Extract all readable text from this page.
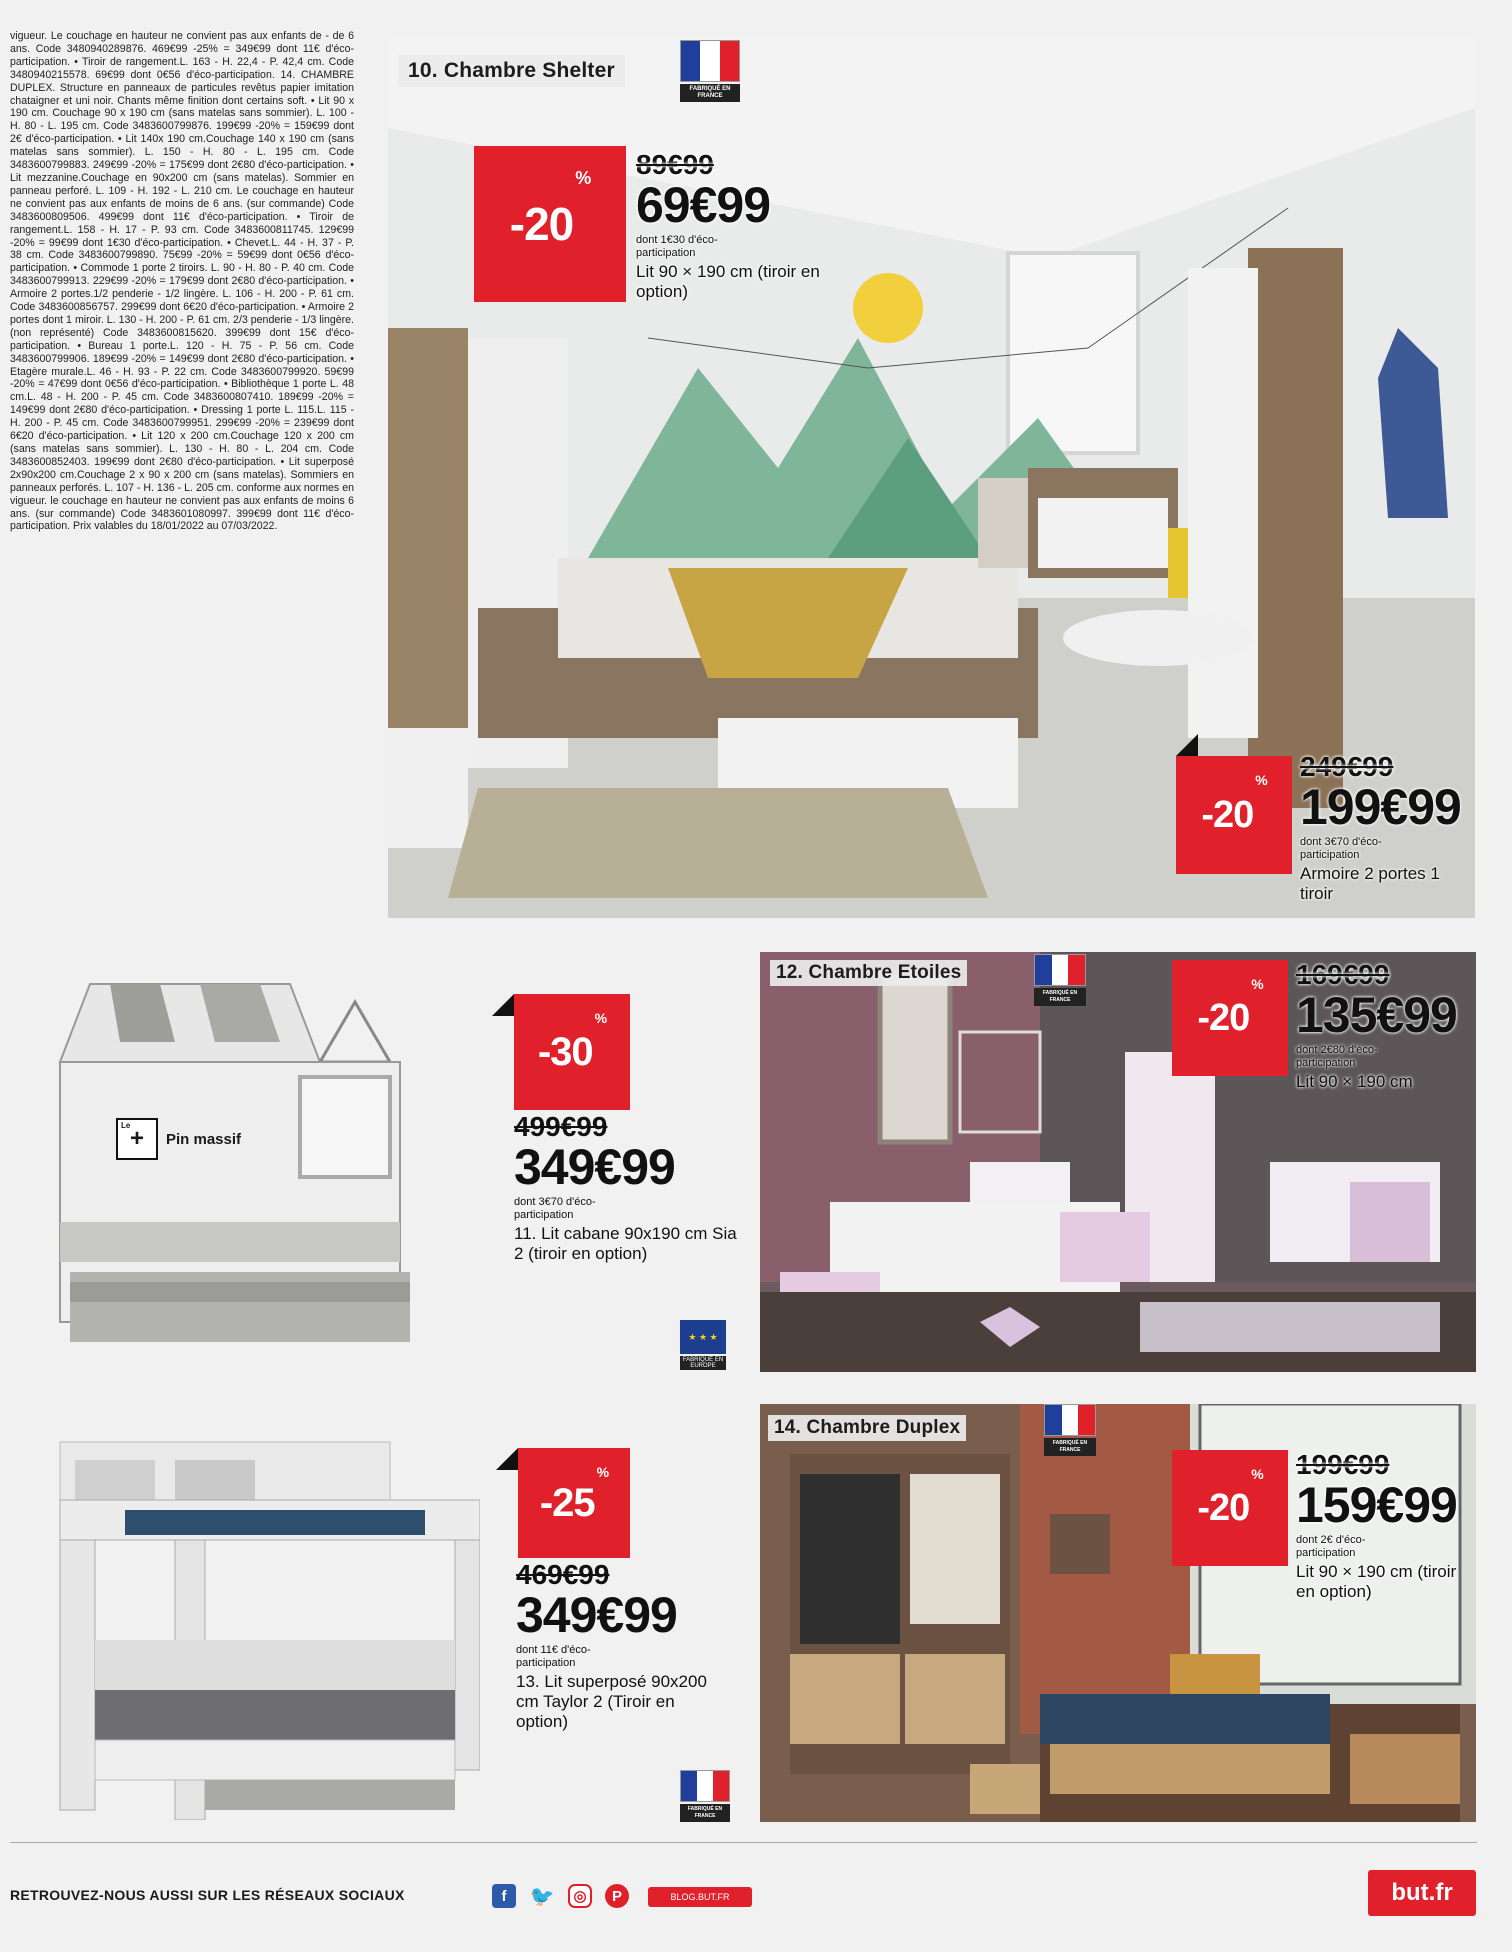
vigueur. Le couchage en hauteur ne convient pas aux enfants de - de 6 ans. Code 3480940289876. 469€99 -25% = 349€99 dont 11€ d'éco-participation. • Tiroir de rangement.L. 163 - H. 22,4 - P. 42,4 cm. Code 3480940215578. 69€99 dont 0€56 d'éco-participation. 14. CHAMBRE DUPLEX. Structure en panneaux de particules revêtus papier imitation chataigner et uni noir. Chants même finition dont certains soft. • Lit 90 x 190 cm. Couchage 90 x 190 cm (sans matelas sans sommier). L. 100 - H. 80 - L. 195 cm. Code 3483600799876. 199€99 -20% = 159€99 dont 2€ d'éco-participation. • Lit 140x 190 cm.Couchage 140 x 190 cm (sans matelas sans sommier). L. 150 - H. 80 - L. 195 cm. Code 3483600799883. 249€99 -20% = 175€99 dont 2€80 d'éco-participation. • Lit mezzanine.Couchage en 90x200 cm (sans matelas). Sommier en panneau perforé. L. 109 - H. 192 - L. 210 cm. Le couchage en hauteur ne convient pas aux enfants de moins de 6 ans. (sur commande) Code 3483600809506. 499€99 dont 11€ d'éco-participation. • Tiroir de rangement.L. 158 - H. 17 - P. 93 cm. Code 3483600811745. 129€99 -20% = 99€99 dont 1€30 d'éco-participation. • Chevet.L. 44 - H. 37 - P. 38 cm. Code 3483600799890. 75€99 -20% = 59€99 dont 0€56 d'éco-participation. • Commode 1 porte 2 tiroirs. L. 90 - H. 80 - P. 40 cm. Code 3483600799913. 229€99 -20% = 179€99 dont 2€80 d'éco-participation. • Armoire 2 portes.1/2 penderie - 1/2 lingère. L. 106 - H. 200 - P. 61 cm. Code 3483600856757. 299€99 dont 6€20 d'éco-participation. • Armoire 2 portes dont 1 miroir. L. 130 - H. 200 - P. 61 cm. 2/3 penderie - 1/3 lingère. (non représenté) Code 3483600815620. 399€99 dont 15€ d'éco-participation. • Bureau 1 porte.L. 120 - H. 75 - P. 56 cm. Code 3483600799906. 189€99 -20% = 149€99 dont 2€80 d'éco-participation. • Etagère murale.L. 46 - H. 93 - P. 22 cm. Code 3483600799920. 59€99 -20% = 47€99 dont 0€56 d'éco-participation. • Bibliothèque 1 porte L. 48 cm.L. 48 - H. 200 - P. 45 cm. Code 3483600807410. 189€99 -20% = 149€99 dont 2€80 d'éco-participation. • Dressing 1 porte L. 115.L. 115 - H. 200 - P. 45 cm. Code 3483600799951. 299€99 -20% = 239€99 dont 6€20 d'éco-participation. • Lit 120 x 200 cm.Couchage 120 x 200 cm (sans matelas sans sommier). L. 130 - H. 80 - L. 204 cm. Code 3483600852403. 199€99 dont 2€80 d'éco-participation. • Lit superposé 2x90x200 cm.Couchage 2 x 90 x 200 cm (sans matelas). Sommiers en panneaux perforés. L. 107 - H. 136 - L. 205 cm. conforme aux normes en vigueur. le couchage en hauteur ne convient pas aux enfants de moins 6 ans. (sur commande) Code 3483601080997. 399€99 dont 11€ d'éco-participation. Prix valables du 18/01/2022 au 07/03/2022.
10. Chambre Shelter
FABRIQUÉ EN FRANCE
-20
% 89€99
69€99
dont 1€30 d'éco-participation
Lit 90 × 190 cm (tiroir en option)
-20
% 249€99
199€99
dont 3€70 d'éco-participation
Armoire 2 portes 1 tiroir
Le +	Pin massif
-30
%
499€99
349€99
dont 3€70 d'éco-participation
11. Lit cabane 90x190 cm Sia 2 (tiroir en option)
★ ★ ★
FABRIQUÉ EN EUROPE
12. Chambre Etoiles
FABRIQUÉ EN FRANCE	-20
% 169€99
135€99
dont 2€80 d'éco-participation
Lit 90 × 190 cm
-25
%
469€99
349€99
dont 11€ d'éco-participation
13. Lit superposé 90x200 cm Taylor 2 (Tiroir en option)
FABRIQUÉ EN FRANCE
14. Chambre Duplex
FABRIQUÉ EN FRANCE
-20
% 199€99
159€99
dont 2€ d'éco-participation
Lit 90 × 190 cm (tiroir en option)
RETROUVEZ-NOUS AUSSI SUR LES RÉSEAUX SOCIAUX	f	🐦	◎	P	BLOG.BUT.FR	but.fr
